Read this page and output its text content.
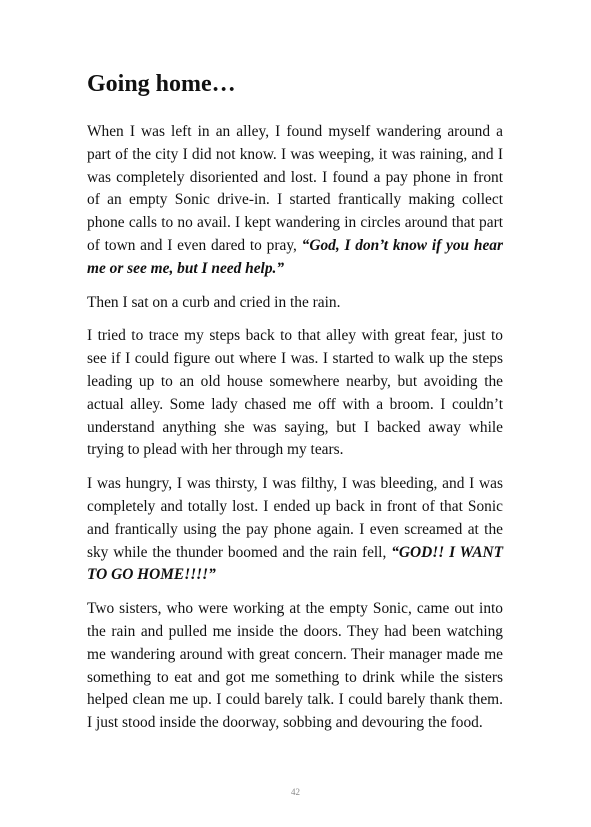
Going home…

When I was left in an alley, I found myself wandering around a part of the city I did not know. I was weeping, it was raining, and I was completely disoriented and lost. I found a pay phone in front of an empty Sonic drive-in. I started frantically making collect phone calls to no avail. I kept wandering in circles around that part of town and I even dared to pray, “God, I don’t know if you hear me or see me, but I need help.”

Then I sat on a curb and cried in the rain.

I tried to trace my steps back to that alley with great fear, just to see if I could figure out where I was. I started to walk up the steps leading up to an old house somewhere nearby, but avoiding the actual alley. Some lady chased me off with a broom. I couldn’t understand anything she was saying, but I backed away while trying to plead with her through my tears.

I was hungry, I was thirsty, I was filthy, I was bleeding, and I was completely and totally lost. I ended up back in front of that Sonic and frantically using the pay phone again. I even screamed at the sky while the thunder boomed and the rain fell, “GOD!! I WANT TO GO HOME!!!!”

Two sisters, who were working at the empty Sonic, came out into the rain and pulled me inside the doors. They had been watching me wandering around with great concern. Their manager made me something to eat and got me something to drink while the sisters helped clean me up. I could barely talk. I could barely thank them. I just stood inside the doorway, sobbing and devouring the food.

42
